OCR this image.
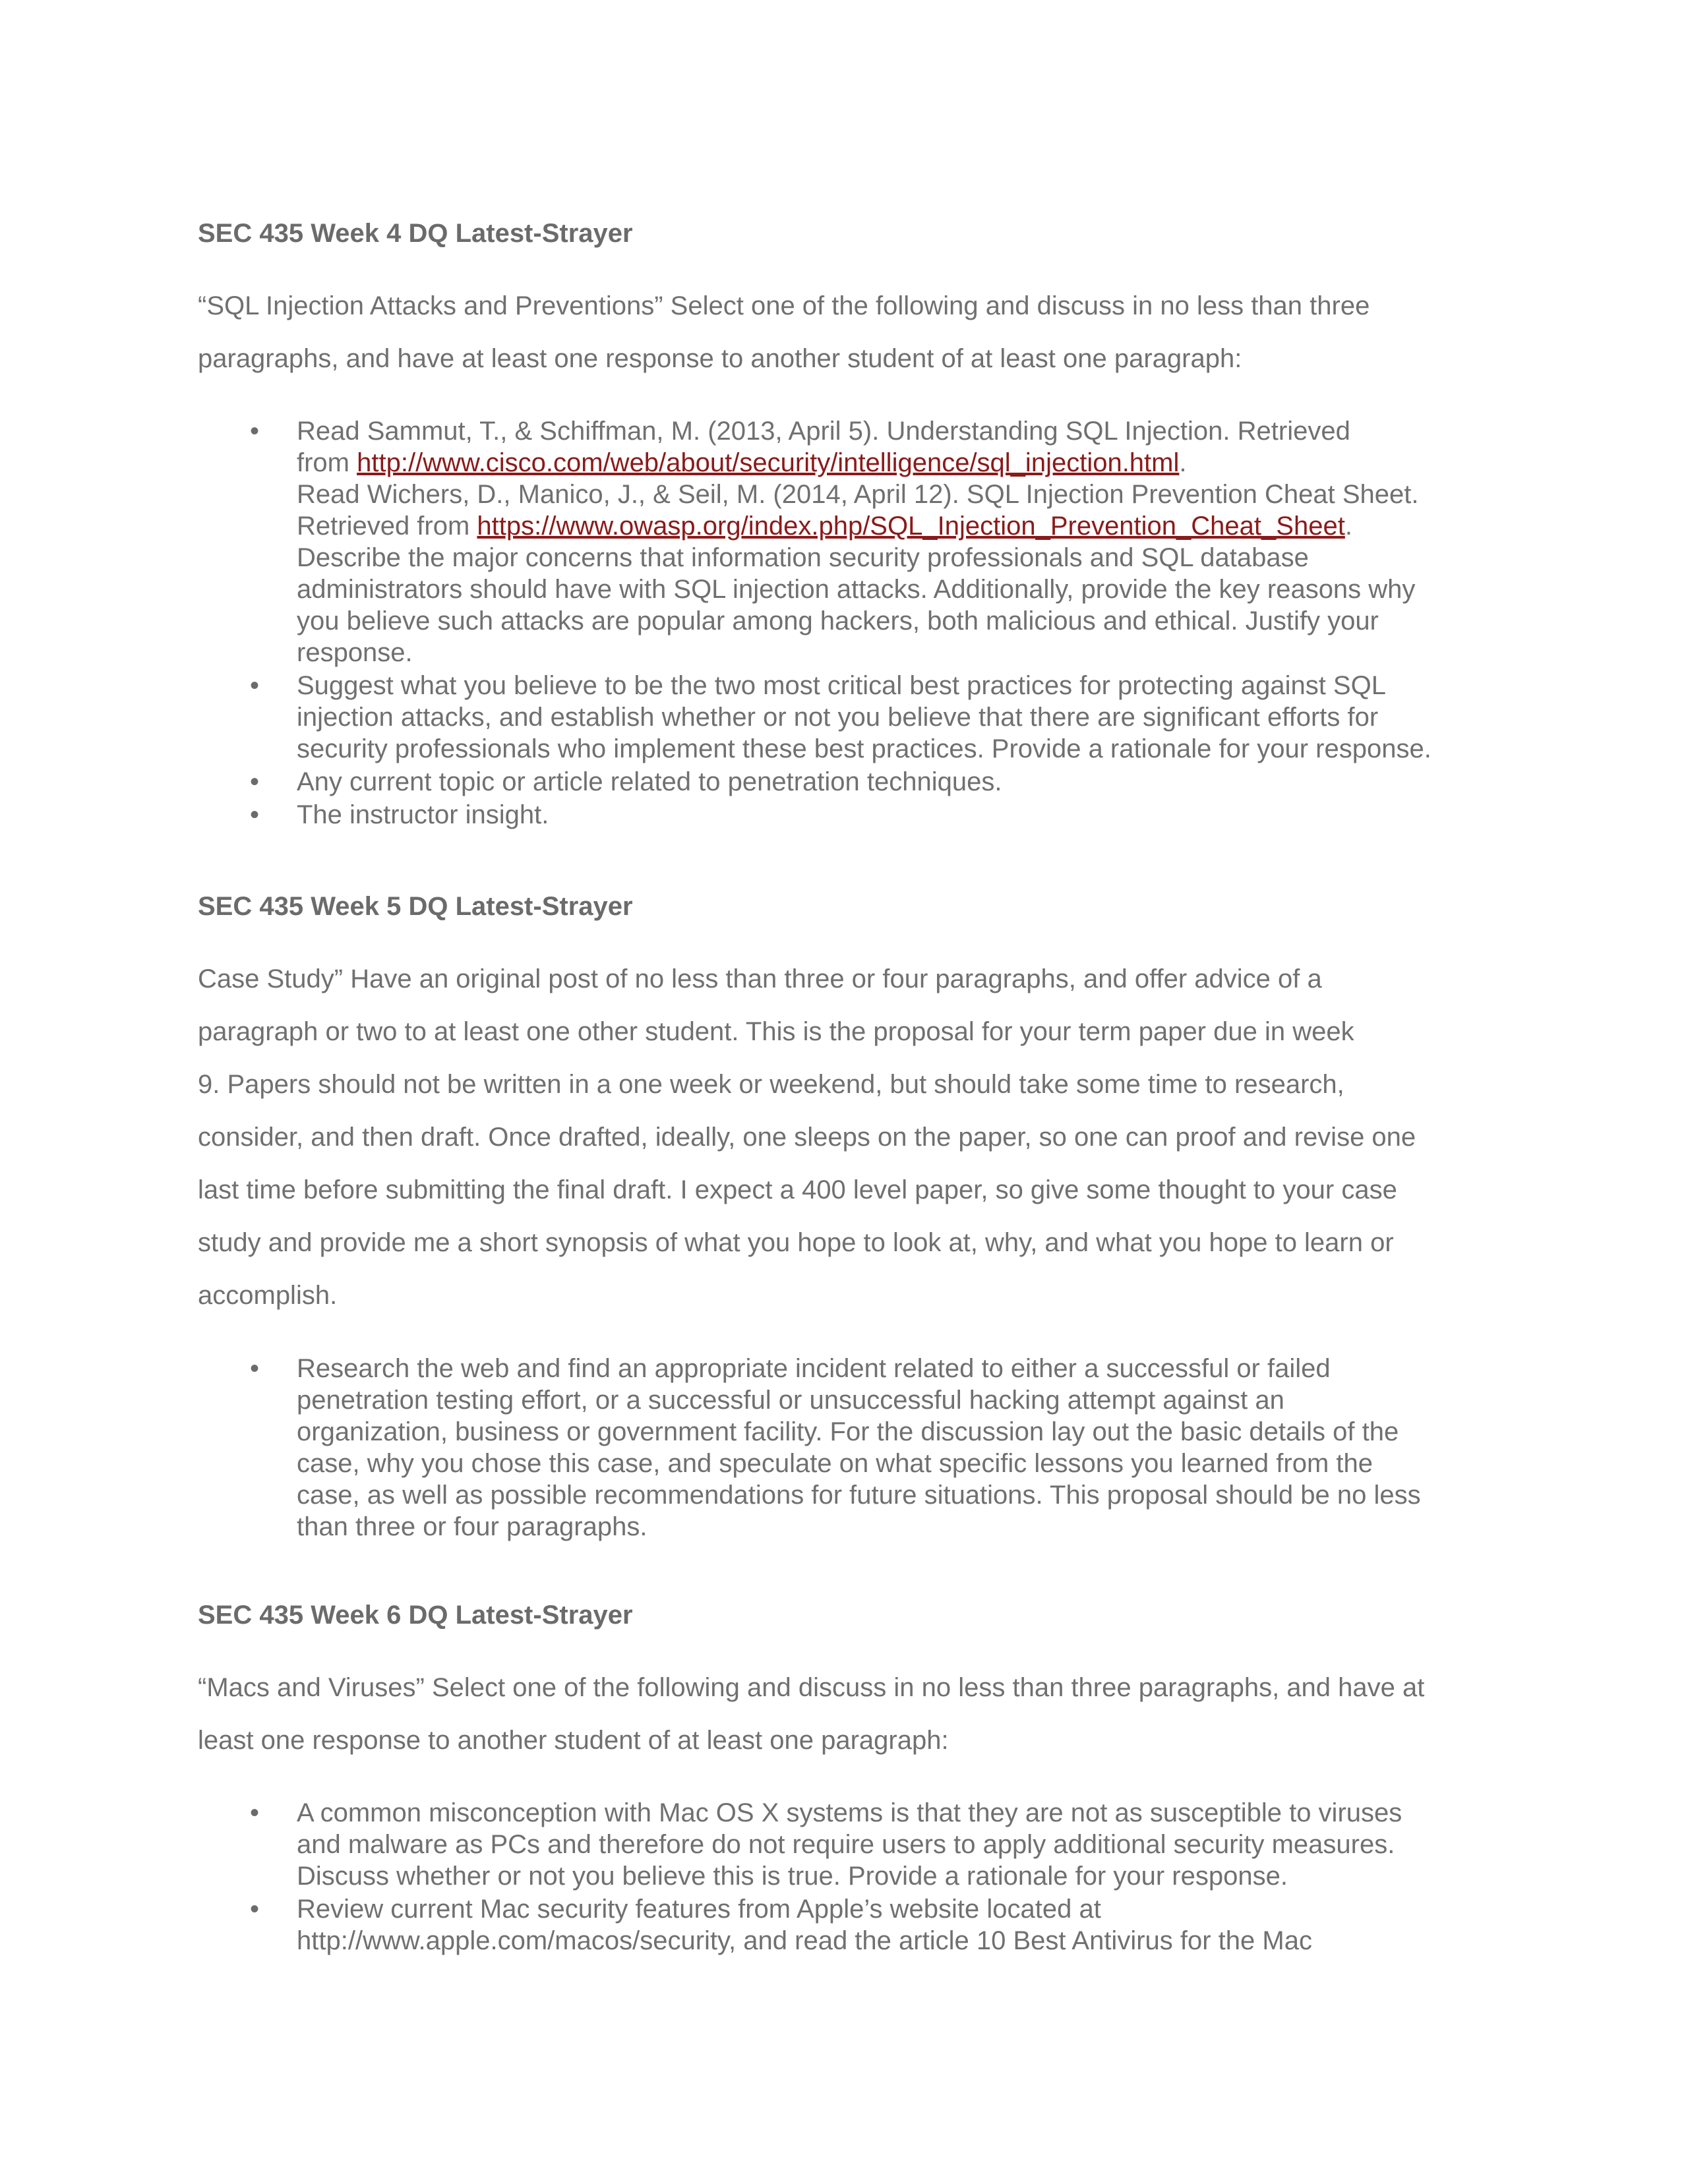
SEC 435 Week 4 DQ Latest-Strayer

“SQL Injection Attacks and Preventions” Select one of the following and discuss in no less than three
paragraphs, and have at least one response to another student of at least one paragraph:

• Read Sammut, T., & Schiffman, M. (2013, April 5). Understanding SQL Injection. Retrieved
from http://www.cisco.com/web/about/security/intelligence/sql_injection.html.
Read Wichers, D., Manico, J., & Seil, M. (2014, April 12). SQL Injection Prevention Cheat Sheet.
Retrieved from https://www.owasp.org/index.php/SQL_Injection_Prevention_Cheat_Sheet.
Describe the major concerns that information security professionals and SQL database
administrators should have with SQL injection attacks. Additionally, provide the key reasons why
you believe such attacks are popular among hackers, both malicious and ethical. Justify your
response.
• Suggest what you believe to be the two most critical best practices for protecting against SQL
injection attacks, and establish whether or not you believe that there are significant efforts for
security professionals who implement these best practices. Provide a rationale for your response.
• Any current topic or article related to penetration techniques.
• The instructor insight.
SEC 435 Week 5 DQ Latest-Strayer

Case Study” Have an original post of no less than three or four paragraphs, and offer advice of a
paragraph or two to at least one other student. This is the proposal for your term paper due in week
9. Papers should not be written in a one week or weekend, but should take some time to research,
consider, and then draft. Once drafted, ideally, one sleeps on the paper, so one can proof and revise one
last time before submitting the final draft. I expect a 400 level paper, so give some thought to your case
study and provide me a short synopsis of what you hope to look at, why, and what you hope to learn or
accomplish.

• Research the web and find an appropriate incident related to either a successful or failed
penetration testing effort, or a successful or unsuccessful hacking attempt against an
organization, business or government facility. For the discussion lay out the basic details of the
case, why you chose this case, and speculate on what specific lessons you learned from the
case, as well as possible recommendations for future situations. This proposal should be no less
than three or four paragraphs.
SEC 435 Week 6 DQ Latest-Strayer

“Macs and Viruses” Select one of the following and discuss in no less than three paragraphs, and have at
least one response to another student of at least one paragraph:

• A common misconception with Mac OS X systems is that they are not as susceptible to viruses
and malware as PCs and therefore do not require users to apply additional security measures.
Discuss whether or not you believe this is true. Provide a rationale for your response.
• Review current Mac security features from Apple’s website located at
http://www.apple.com/macos/security, and read the article 10 Best Antivirus for the Mac
